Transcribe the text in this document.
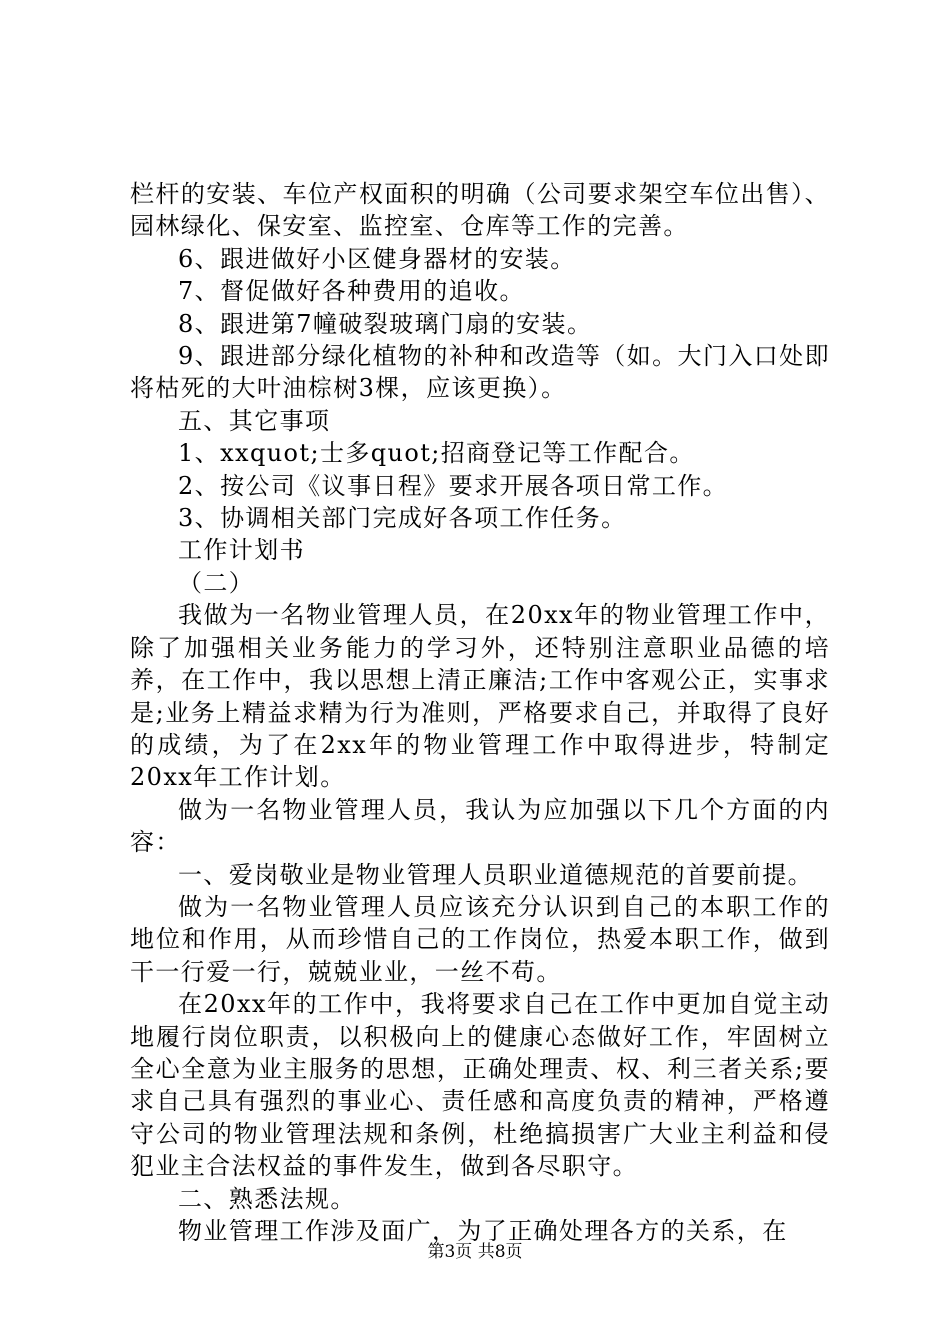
栏杆的安装、车位产权面积的明确（公司要求架空车位出售）、园林绿化、保安室、监控室、仓库等工作的完善。

6、跟进做好小区健身器材的安装。

7、督促做好各种费用的追收。

8、跟进第7幢破裂玻璃门扇的安装。

9、跟进部分绿化植物的补种和改造等（如。大门入口处即将枯死的大叶油棕树3棵，应该更换）。

五、其它事项

1、xxquot;士多quot;招商登记等工作配合。

2、按公司《议事日程》要求开展各项日常工作。

3、协调相关部门完成好各项工作任务。

工作计划书

（二）

我做为一名物业管理人员，在20xx年的物业管理工作中，除了加强相关业务能力的学习外，还特别注意职业品德的培养，在工作中，我以思想上清正廉洁;工作中客观公正，实事求是;业务上精益求精为行为准则，严格要求自己，并取得了良好的成绩，为了在2xx年的物业管理工作中取得进步，特制定20xx年工作计划。

做为一名物业管理人员，我认为应加强以下几个方面的内容：

一、爱岗敬业是物业管理人员职业道德规范的首要前提。

做为一名物业管理人员应该充分认识到自己的本职工作的地位和作用，从而珍惜自己的工作岗位，热爱本职工作，做到干一行爱一行，兢兢业业，一丝不苟。

在20xx年的工作中，我将要求自己在工作中更加自觉主动地履行岗位职责，以积极向上的健康心态做好工作，牢固树立全心全意为业主服务的思想，正确处理责、权、利三者关系;要求自己具有强烈的事业心、责任感和高度负责的精神，严格遵守公司的物业管理法规和条例，杜绝搞损害广大业主利益和侵犯业主合法权益的事件发生，做到各尽职守。

二、熟悉法规。

物业管理工作涉及面广，为了正确处理各方的关系，在

第3页 共8页
